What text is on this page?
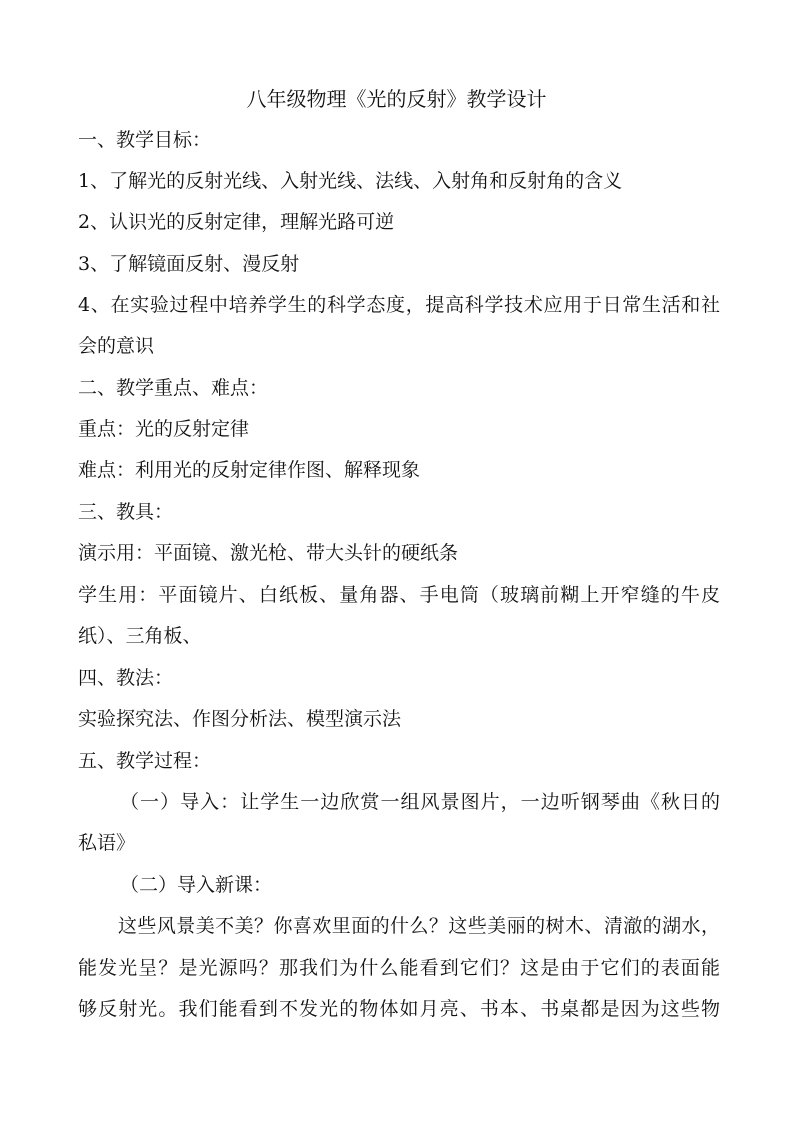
八年级物理《光的反射》教学设计
一、教学目标：
1、了解光的反射光线、入射光线、法线、入射角和反射角的含义
2、认识光的反射定律，理解光路可逆
3、了解镜面反射、漫反射
4、在实验过程中培养学生的科学态度，提高科学技术应用于日常生活和社
会的意识
二、教学重点、难点：
重点：光的反射定律
难点：利用光的反射定律作图、解释现象
三、教具：
演示用：平面镜、激光枪、带大头针的硬纸条
学生用：平面镜片、白纸板、量角器、手电筒（玻璃前糊上开窄缝的牛皮
纸）、三角板、
四、教法：
实验探究法、作图分析法、模型演示法
五、教学过程：
（一）导入：让学生一边欣赏一组风景图片，一边听钢琴曲《秋日的
私语》
（二）导入新课：
这些风景美不美？你喜欢里面的什么？这些美丽的树木、清澈的湖水，
能发光呈？是光源吗？那我们为什么能看到它们？这是由于它们的表面能
够反射光。我们能看到不发光的物体如月亮、书本、书桌都是因为这些物
